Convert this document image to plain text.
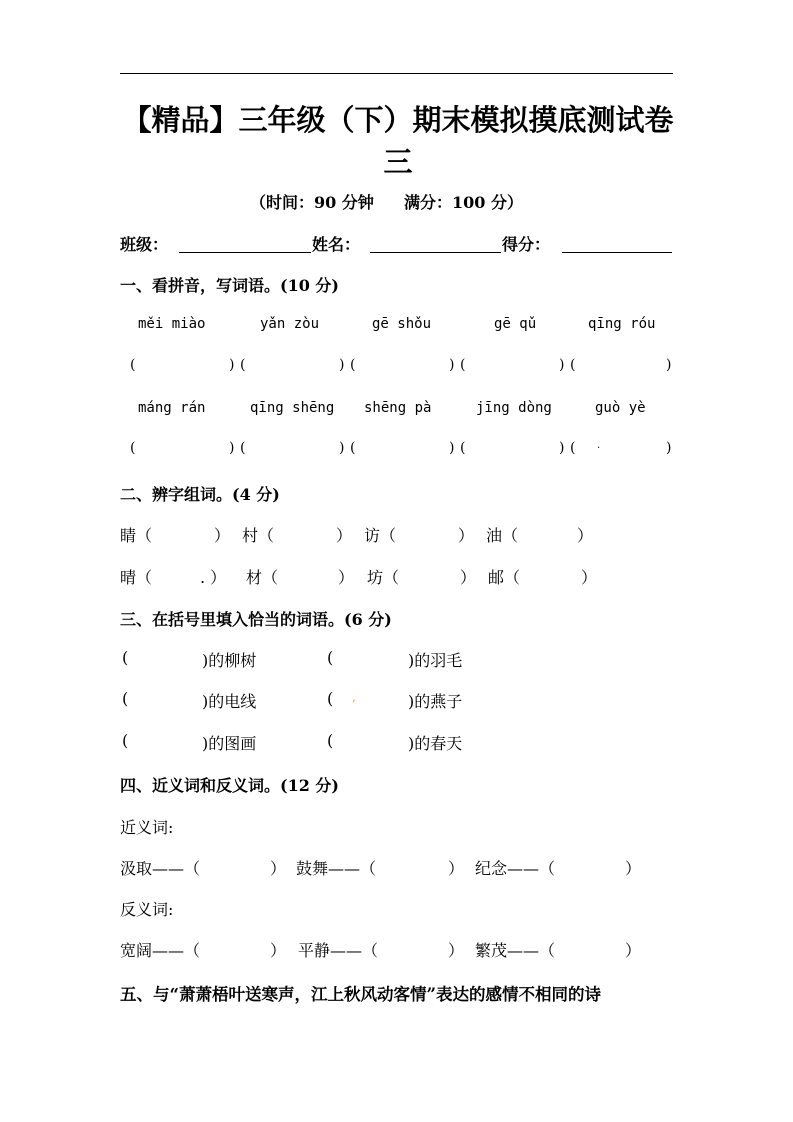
【精品】三年级（下）期末模拟摸底测试卷
三
（时间：90 分钟 满分：100 分）
班级：	姓名：	得分：
一、看拼音，写词语。(10 分)
měi miào	yǎn zòu	gē shǒu	gē qǔ	qīng róu
(	) (	) (	) (	) (	)
máng rán	qīng shēng shēng pà	jīng dòng	guò yè
(	) (	) (	) (	) ( .	)
二、辨字组词。(4 分)
睛（	） 村（	） 访（	） 油（	）
晴（	. ） 材（	） 坊（	） 邮（	）
三、在括号里填入恰当的词语。(6 分)
(	)的柳树	(	)的羽毛
(	)的电线	( ,	)的燕子
(	)的图画	(	)的春天
四、近义词和反义词。(12 分)
近义词:
汲取——（	） 鼓舞——（	） 纪念——（	）
反义词:
宽阔——（	） 平静——（	） 繁茂——（	）
五、与“萧萧梧叶送寒声，江上秋风动客情”表达的感情不相同的诗
